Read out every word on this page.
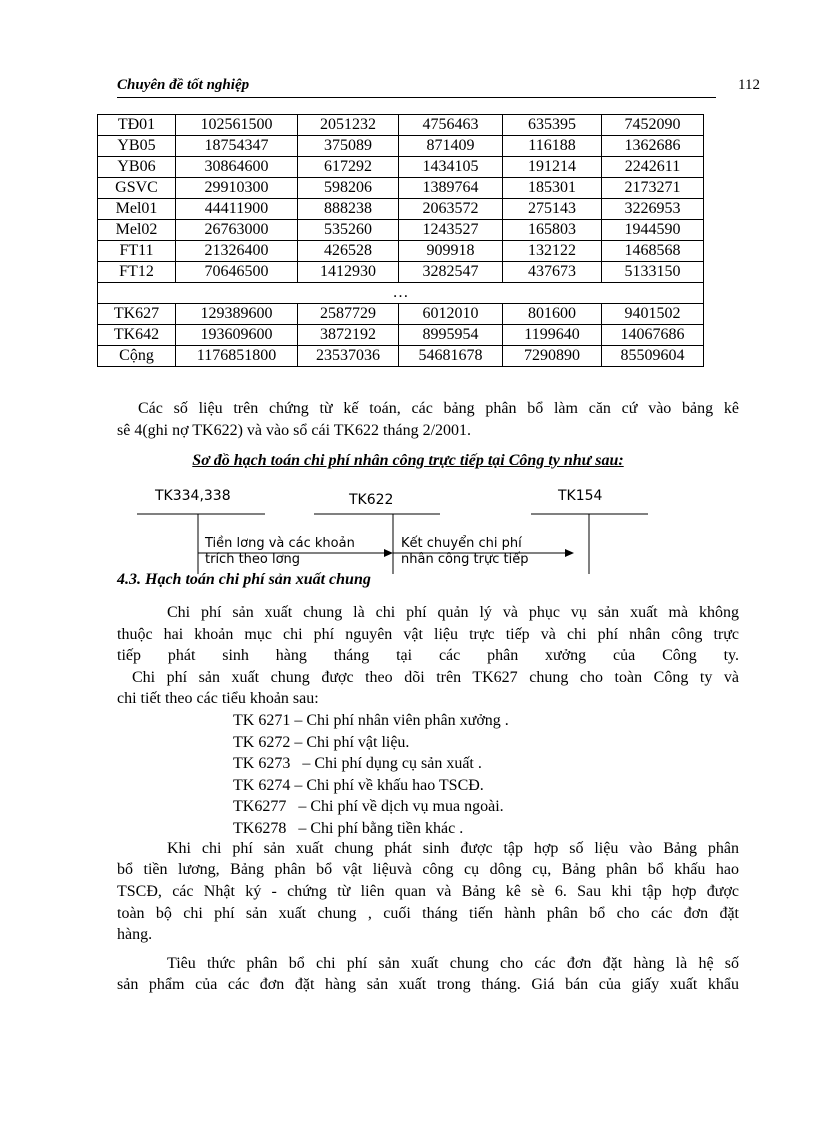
Chuyên đề tốt nghiệp	112
TĐ01	102561500	2051232	4756463	635395	7452090
YB05	18754347	375089	871409	116188	1362686
YB06	30864600	617292	1434105	191214	2242611
GSVC	29910300	598206	1389764	185301	2173271
Mel01	44411900	888238	2063572	275143	3226953
Mel02	26763000	535260	1243527	165803	1944590
FT11	21326400	426528	909918	132122	1468568
FT12	70646500	1412930	3282547	437673	5133150
…					
TK627	129389600	2587729	6012010	801600	9401502
TK642	193609600	3872192	8995954	1199640	14067686
Cộng	1176851800	23537036	54681678	7290890	85509604
Các số liệu trên chứng từ kế toán, các bảng phân bổ làm căn cứ vào bảng kê
sê 4(ghi nợ TK622) và vào sổ cái TK622 tháng 2/2001.
Sơ đồ hạch toán chi phí nhân công trực tiếp tại Công ty như sau:
TK334,338	TK622	TK154
Tiền lơng và các khoản
trích theo lơng
Kết chuyển chi phí
nhân công trực tiếp
4.3. Hạch toán chi phí sản xuất chung
Chi phí sản xuất chung là chi phí quản lý và phục vụ sản xuất mà không
thuộc hai khoản mục chi phí nguyên vật liệu trực tiếp và chi phí nhân công trực
tiếp phát sinh hàng tháng tại các phân xưởng của Công ty.
Chi phí sản xuất chung được theo dõi trên TK627 chung cho toàn Công ty và
chi tiết theo các tiểu khoản sau:
TK 6271 – Chi phí nhân viên phân xưởng .
TK 6272 – Chi phí vật liệu.
TK 6273   – Chi phí dụng cụ sản xuất .
TK 6274 – Chi phí về khấu hao TSCĐ.
TK6277   – Chi phí về dịch vụ mua ngoài.
TK6278   – Chi phí bằng tiền khác .
Khi chi phí sản xuất chung phát sinh được tập hợp số liệu vào Bảng phân
bổ tiền lương, Bảng phân bổ vật liệuvà công cụ dông cụ, Bảng phân bổ khấu hao
TSCĐ, các Nhật ký - chứng từ liên quan và Bảng kê sè 6. Sau khi tập hợp được
toàn bộ chi phí sản xuất chung , cuối tháng tiến hành phân bổ cho các đơn đặt
hàng.
Tiêu thức phân bổ chi phí sản xuất chung cho các đơn đặt hàng là hệ số
sản phẩm của các đơn đặt hàng sản xuất trong tháng. Giá bán của giấy xuất khẩu
